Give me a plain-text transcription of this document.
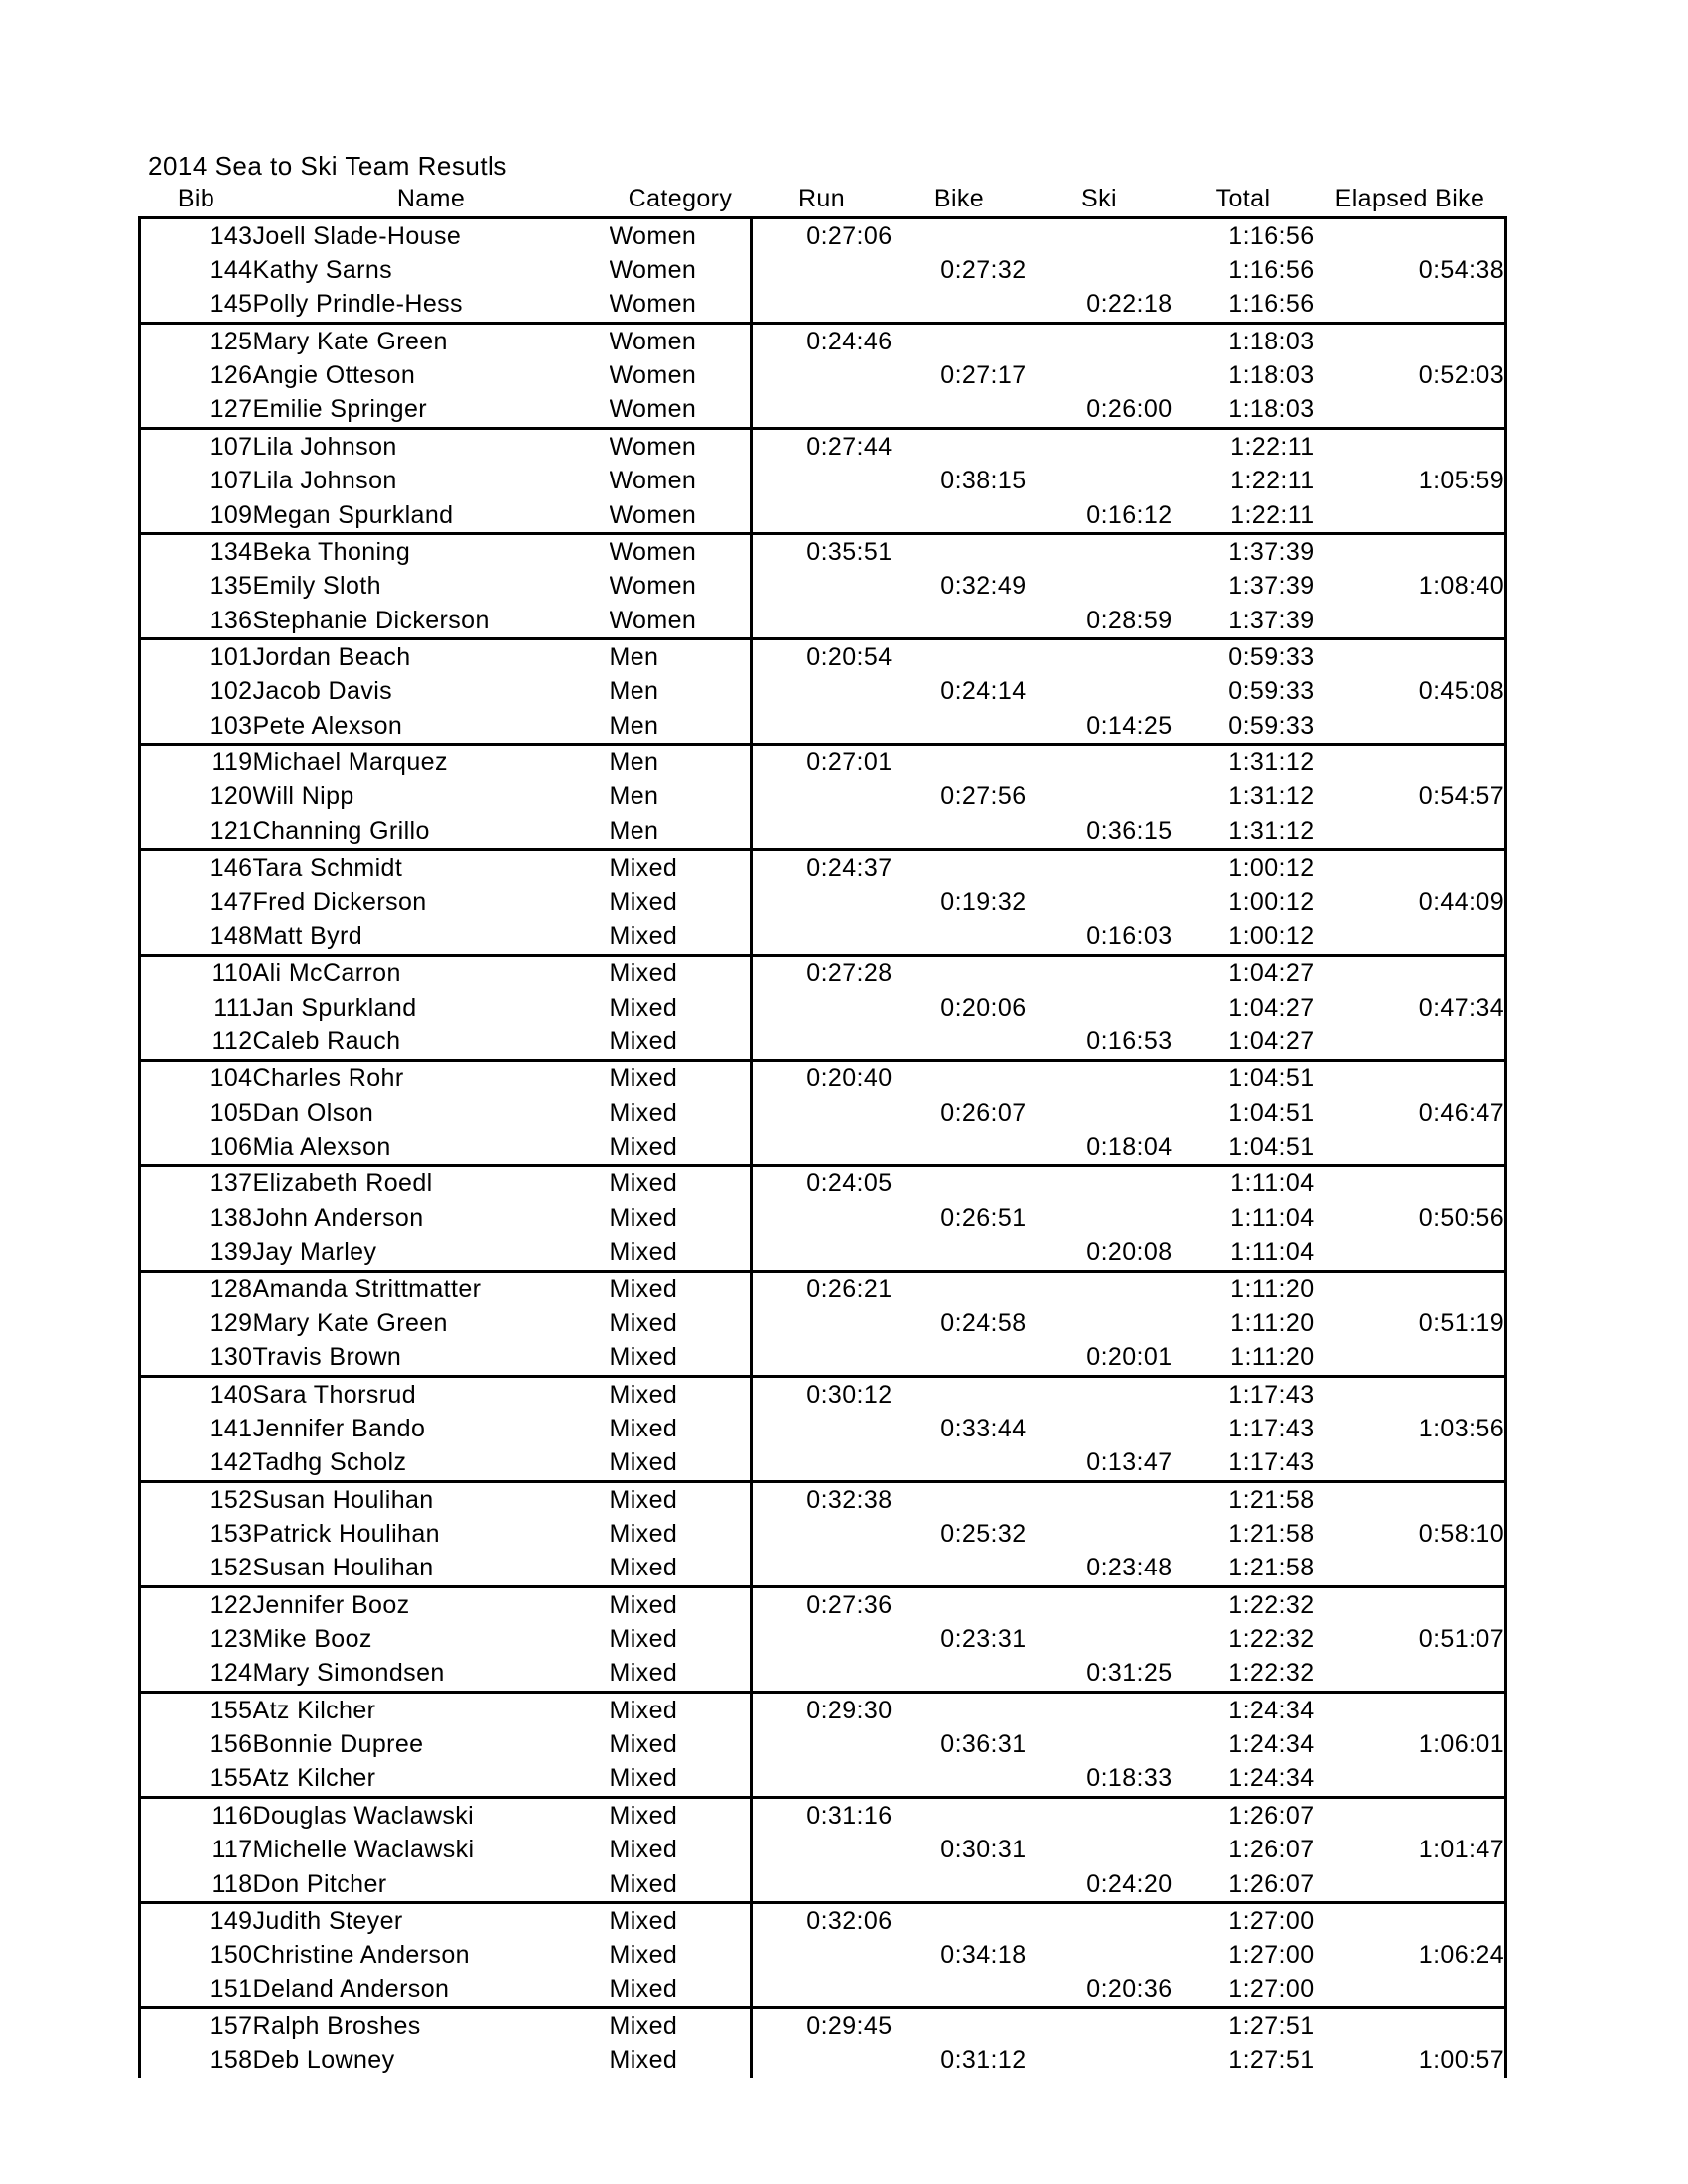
2014 Sea to Ski Team Resutls
Bib	Name	Category	Run	Bike	Ski	Total	Elapsed Bike
143	Joell Slade-House	Women	0:27:06			1:16:56	
144	Kathy Sarns	Women		0:27:32		1:16:56	0:54:38
145	Polly Prindle-Hess	Women			0:22:18	1:16:56	
125	Mary Kate Green	Women	0:24:46			1:18:03	
126	Angie Otteson	Women		0:27:17		1:18:03	0:52:03
127	Emilie Springer	Women			0:26:00	1:18:03	
107	Lila Johnson	Women	0:27:44			1:22:11	
107	Lila Johnson	Women		0:38:15		1:22:11	1:05:59
109	Megan Spurkland	Women			0:16:12	1:22:11	
134	Beka Thoning	Women	0:35:51			1:37:39	
135	Emily Sloth	Women		0:32:49		1:37:39	1:08:40
136	Stephanie Dickerson	Women			0:28:59	1:37:39	
101	Jordan Beach	Men	0:20:54			0:59:33	
102	Jacob Davis	Men		0:24:14		0:59:33	0:45:08
103	Pete Alexson	Men			0:14:25	0:59:33	
119	Michael Marquez	Men	0:27:01			1:31:12	
120	Will Nipp	Men		0:27:56		1:31:12	0:54:57
121	Channing Grillo	Men			0:36:15	1:31:12	
146	Tara Schmidt	Mixed	0:24:37			1:00:12	
147	Fred Dickerson	Mixed		0:19:32		1:00:12	0:44:09
148	Matt Byrd	Mixed			0:16:03	1:00:12	
110	Ali McCarron	Mixed	0:27:28			1:04:27	
111	Jan Spurkland	Mixed		0:20:06		1:04:27	0:47:34
112	Caleb Rauch	Mixed			0:16:53	1:04:27	
104	Charles Rohr	Mixed	0:20:40			1:04:51	
105	Dan Olson	Mixed		0:26:07		1:04:51	0:46:47
106	Mia Alexson	Mixed			0:18:04	1:04:51	
137	Elizabeth Roedl	Mixed	0:24:05			1:11:04	
138	John Anderson	Mixed		0:26:51		1:11:04	0:50:56
139	Jay Marley	Mixed			0:20:08	1:11:04	
128	Amanda Strittmatter	Mixed	0:26:21			1:11:20	
129	Mary Kate Green	Mixed		0:24:58		1:11:20	0:51:19
130	Travis Brown	Mixed			0:20:01	1:11:20	
140	Sara Thorsrud	Mixed	0:30:12			1:17:43	
141	Jennifer Bando	Mixed		0:33:44		1:17:43	1:03:56
142	Tadhg Scholz	Mixed			0:13:47	1:17:43	
152	Susan Houlihan	Mixed	0:32:38			1:21:58	
153	Patrick Houlihan	Mixed		0:25:32		1:21:58	0:58:10
152	Susan Houlihan	Mixed			0:23:48	1:21:58	
122	Jennifer Booz	Mixed	0:27:36			1:22:32	
123	Mike Booz	Mixed		0:23:31		1:22:32	0:51:07
124	Mary Simondsen	Mixed			0:31:25	1:22:32	
155	Atz Kilcher	Mixed	0:29:30			1:24:34	
156	Bonnie Dupree	Mixed		0:36:31		1:24:34	1:06:01
155	Atz Kilcher	Mixed			0:18:33	1:24:34	
116	Douglas Waclawski	Mixed	0:31:16			1:26:07	
117	Michelle Waclawski	Mixed		0:30:31		1:26:07	1:01:47
118	Don Pitcher	Mixed			0:24:20	1:26:07	
149	Judith Steyer	Mixed	0:32:06			1:27:00	
150	Christine Anderson	Mixed		0:34:18		1:27:00	1:06:24
151	Deland Anderson	Mixed			0:20:36	1:27:00	
157	Ralph Broshes	Mixed	0:29:45			1:27:51	
158	Deb Lowney	Mixed		0:31:12		1:27:51	1:00:57
